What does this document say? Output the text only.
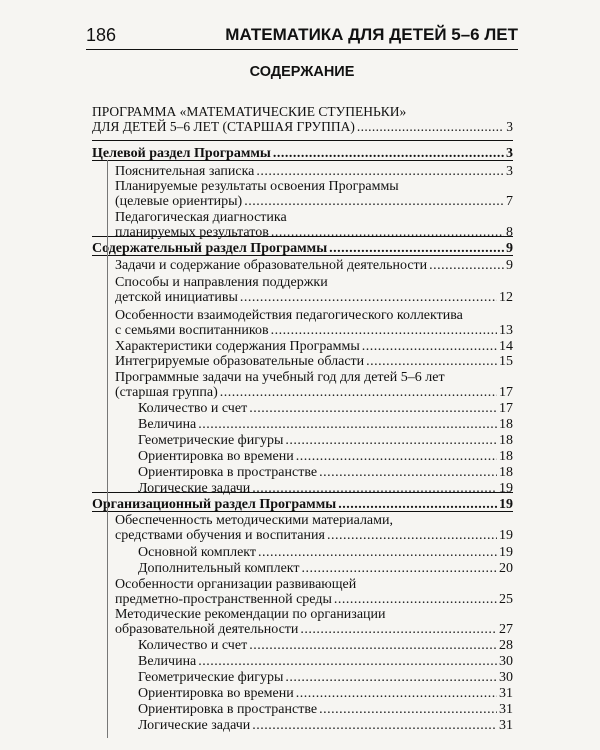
186	МАТЕМАТИКА ДЛЯ ДЕТЕЙ 5–6 ЛЕТ
СОДЕРЖАНИЕ
ПРОГРАММА «МАТЕМАТИЧЕСКИЕ СТУПЕНЬКИ»
ДЛЯ ДЕТЕЙ 5–6 ЛЕТ (СТАРШАЯ ГРУППА) . . .	3
Целевой раздел Программы . . .	3
Пояснительная записка . . .	3
Планируемые результаты освоения Программы
(целевые ориентиры) . . .	7
Педагогическая диагностика
планируемых результатов . . .	8
Содержательный раздел Программы . . .	9
Задачи и содержание образовательной деятельности . . .	9
Способы и направления поддержки
детской инициативы . . .	12
Особенности взаимодействия педагогического коллектива
с семьями воспитанников . . .	13
Характеристики содержания Программы . . .	14
Интегрируемые образовательные области . . .	15
Программные задачи на учебный год для детей 5–6 лет
(старшая группа) . . .	17
Количество и счет . . .	17
Величина . . .	18
Геометрические фигуры . . .	18
Ориентировка во времени . . .	18
Ориентировка в пространстве . . .	18
Логические задачи . . .	19
Организационный раздел Программы . . .	19
Обеспеченность методическими материалами,
средствами обучения и воспитания . . .	19
Основной комплект . . .	19
Дополнительный комплект . . .	20
Особенности организации развивающей
предметно-пространственной среды . . .	25
Методические рекомендации по организации
образовательной деятельности . . .	27
Количество и счет . . .	28
Величина . . .	30
Геометрические фигуры . . .	30
Ориентировка во времени . . .	31
Ориентировка в пространстве . . .	31
Логические задачи . . .	31
